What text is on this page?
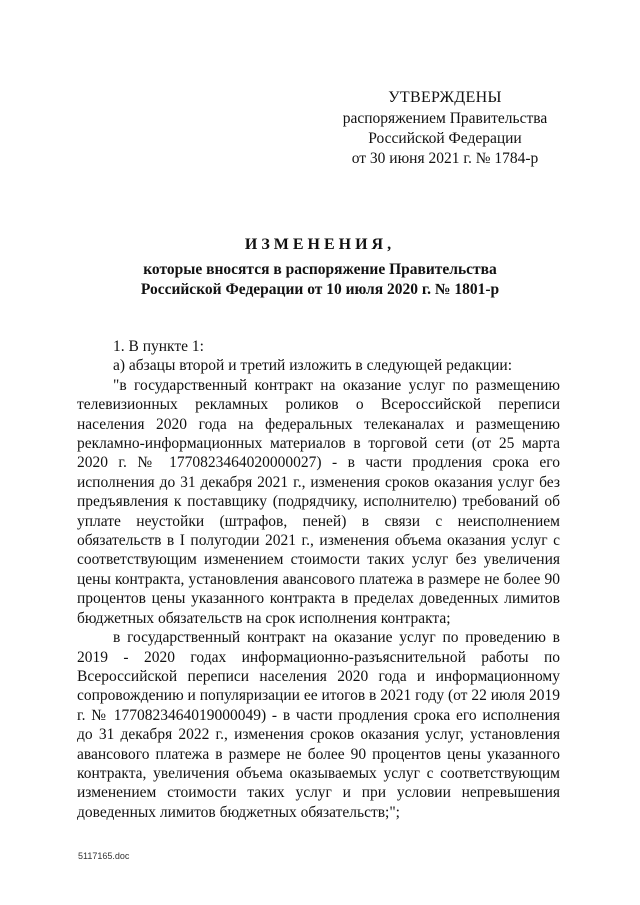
УТВЕРЖДЕНЫ
распоряжением Правительства
Российской Федерации
от 30 июня 2021 г. № 1784-р
ИЗМЕНЕНИЯ,
которые вносятся в распоряжение Правительства
Российской Федерации от 10 июля 2020 г. № 1801-р

1. В пункте 1:

а) абзацы второй и третий изложить в следующей редакции:

"в государственный контракт на оказание услуг по размещению телевизионных рекламных роликов о Всероссийской переписи населения 2020 года на федеральных телеканалах и размещению рекламно-информационных материалов в торговой сети (от 25 марта 2020 г. № 1770823464020000027) - в части продления срока его исполнения до 31 декабря 2021 г., изменения сроков оказания услуг без предъявления к поставщику (подрядчику, исполнителю) требований об уплате неустойки (штрафов, пеней) в связи с неисполнением обязательств в I полугодии 2021 г., изменения объема оказания услуг с соответствующим изменением стоимости таких услуг без увеличения цены контракта, установления авансового платежа в размере не более 90 процентов цены указанного контракта в пределах доведенных лимитов бюджетных обязательств на срок исполнения контракта;

в государственный контракт на оказание услуг по проведению в 2019 - 2020 годах информационно-разъяснительной работы по Всероссийской переписи населения 2020 года и информационному сопровождению и популяризации ее итогов в 2021 году (от 22 июля 2019 г. № 1770823464019000049) - в части продления срока его исполнения до 31 декабря 2022 г., изменения сроков оказания услуг, установления авансового платежа в размере не более 90 процентов цены указанного контракта, увеличения объема оказываемых услуг с соответствующим изменением стоимости таких услуг и при условии непревышения доведенных лимитов бюджетных обязательств;";

5117165.doc
